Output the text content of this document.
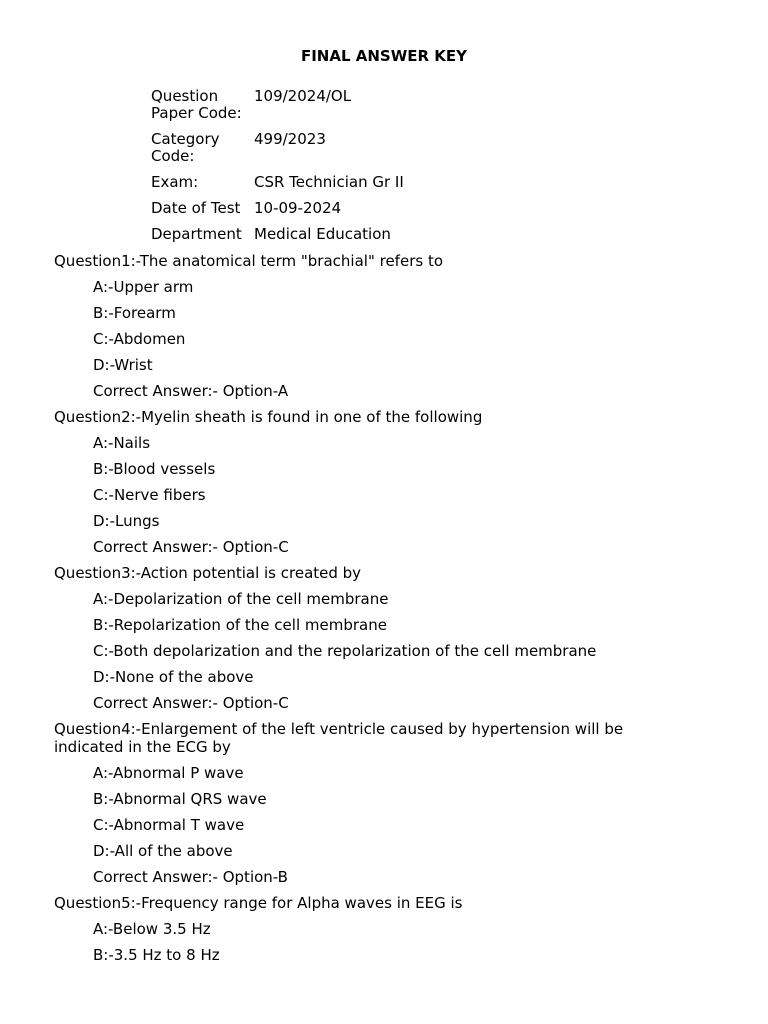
FINAL ANSWER KEY
Question Paper Code:	109/2024/OL
Category Code:	499/2023
Exam:	CSR Technician Gr II
Date of Test	10-09-2024
Department	Medical Education
Question1:-The anatomical term "brachial" refers to
A:-Upper arm
B:-Forearm
C:-Abdomen
D:-Wrist
Correct Answer:- Option-A
Question2:-Myelin sheath is found in one of the following
A:-Nails
B:-Blood vessels
C:-Nerve fibers
D:-Lungs
Correct Answer:- Option-C
Question3:-Action potential is created by
A:-Depolarization of the cell membrane
B:-Repolarization of the cell membrane
C:-Both depolarization and the repolarization of the cell membrane
D:-None of the above
Correct Answer:- Option-C
Question4:-Enlargement of the left ventricle caused by hypertension will be indicated in the ECG by
A:-Abnormal P wave
B:-Abnormal QRS wave
C:-Abnormal T wave
D:-All of the above
Correct Answer:- Option-B
Question5:-Frequency range for Alpha waves in EEG is
A:-Below 3.5 Hz
B:-3.5 Hz to 8 Hz
